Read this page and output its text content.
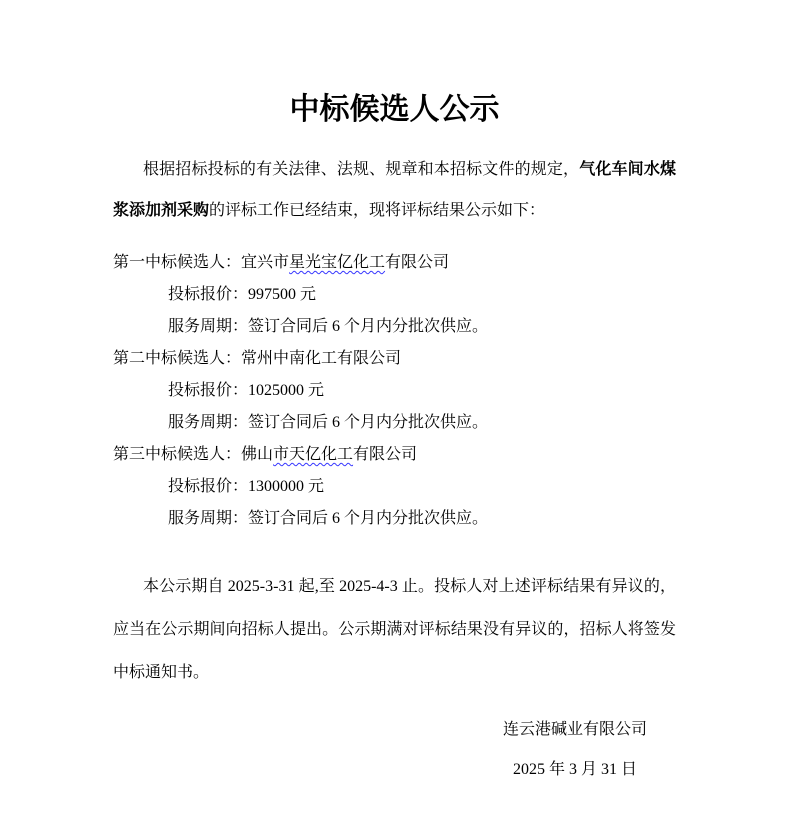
中标候选人公示

根据招标投标的有关法律、法规、规章和本招标文件的规定，气化车间水煤浆添加剂采购的评标工作已经结束，现将评标结果公示如下：

第一中标候选人：宜兴市星光宝亿化工有限公司
投标报价：997500 元
服务周期：签订合同后 6 个月内分批次供应。
第二中标候选人：常州中南化工有限公司
投标报价：1025000 元
服务周期：签订合同后 6 个月内分批次供应。
第三中标候选人：佛山市天亿化工有限公司
投标报价：1300000 元
服务周期：签订合同后 6 个月内分批次供应。

本公示期自 2025-3-31 起,至 2025-4-3 止。投标人对上述评标结果有异议的，应当在公示期间向招标人提出。公示期满对评标结果没有异议的，招标人将签发中标通知书。

连云港碱业有限公司
2025 年 3 月 31 日
